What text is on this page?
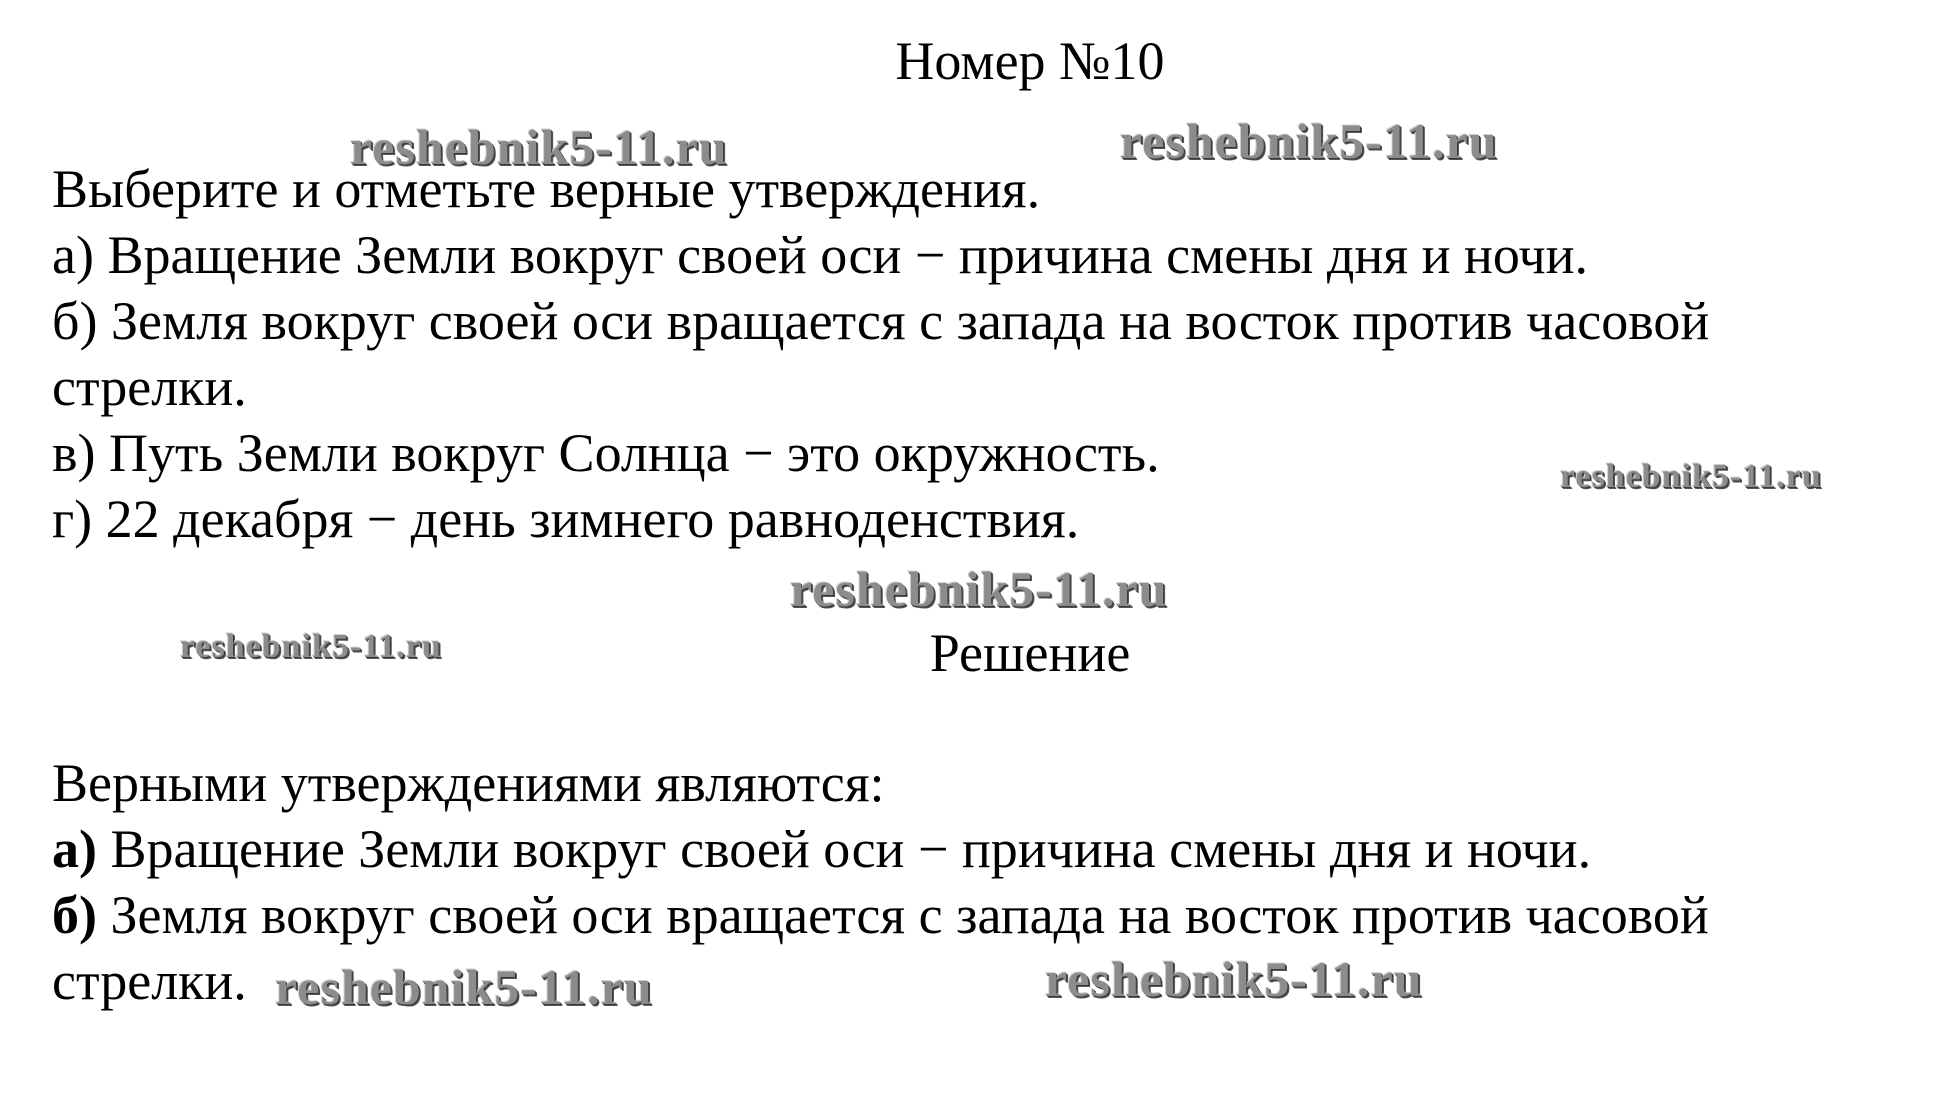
Номер №10
Выберите и отметьте верные утверждения.
а) Вращение Земли вокруг своей оси − причина смены дня и ночи.
б) Земля вокруг своей оси вращается с запада на восток против часовой
стрелки.
в) Путь Земли вокруг Солнца − это окружность.
г) 22 декабря − день зимнего равноденствия.
Решение
Верными утверждениями являются:
а) Вращение Земли вокруг своей оси − причина смены дня и ночи.
б) Земля вокруг своей оси вращается с запада на восток против часовой
стрелки.
reshebnik5-11.ru	reshebnik5-11.ru
reshebnik5-11.ru
reshebnik5-11.ru
reshebnik5-11.ru
reshebnik5-11.ru	reshebnik5-11.ru
